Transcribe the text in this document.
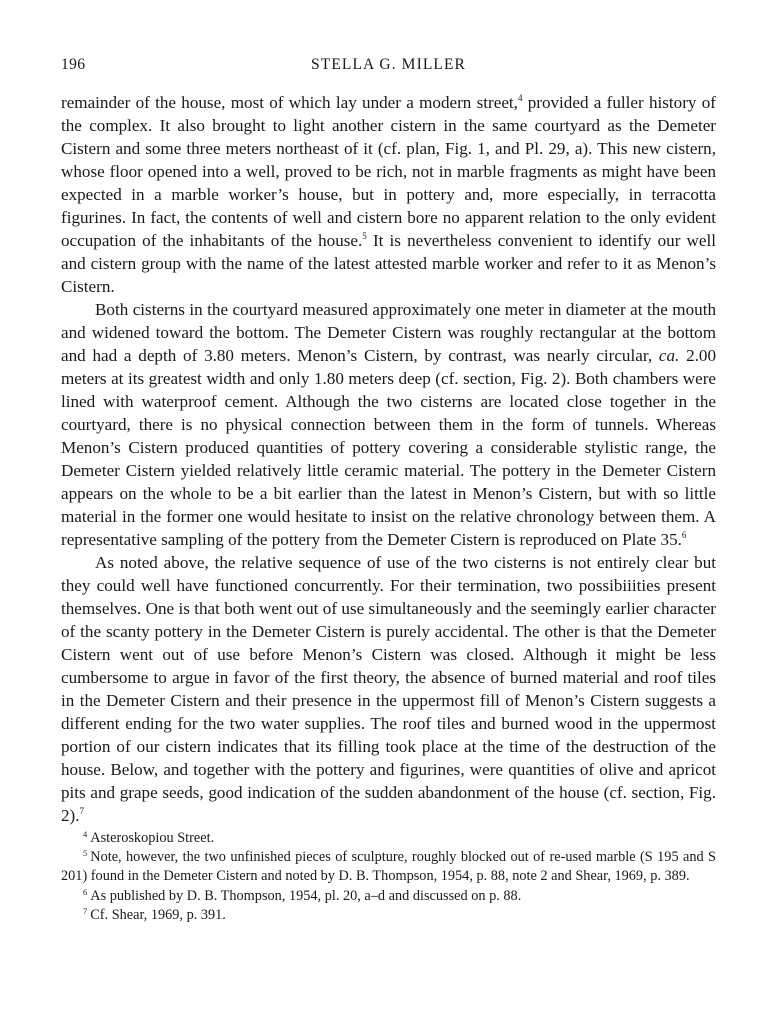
196	STELLA G. MILLER

remainder of the house, most of which lay under a modern street,$^4$ provided a fuller history of the complex. It also brought to light another cistern in the same courtyard as the Demeter Cistern and some three meters northeast of it (cf. plan, Fig. 1, and Pl. 29, a). This new cistern, whose floor opened into a well, proved to be rich, not in marble fragments as might have been expected in a marble worker’s house, but in pottery and, more especially, in terracotta figurines. In fact, the contents of well and cistern bore no apparent relation to the only evident occupation of the inhabitants of the house.$^5$ It is nevertheless convenient to identify our well and cistern group with the name of the latest attested marble worker and refer to it as Menon’s Cistern.

Both cisterns in the courtyard measured approximately one meter in diameter at the mouth and widened toward the bottom. The Demeter Cistern was roughly rectangular at the bottom and had a depth of 3.80 meters. Menon’s Cistern, by contrast, was nearly circular, ca. 2.00 meters at its greatest width and only 1.80 meters deep (cf. section, Fig. 2). Both chambers were lined with waterproof cement. Although the two cisterns are located close together in the courtyard, there is no physical connection between them in the form of tunnels. Whereas Menon’s Cistern produced quantities of pottery covering a considerable stylistic range, the Demeter Cistern yielded relatively little ceramic material. The pottery in the Demeter Cistern appears on the whole to be a bit earlier than the latest in Menon’s Cistern, but with so little material in the former one would hesitate to insist on the relative chronology between them. A representative sampling of the pottery from the Demeter Cistern is reproduced on Plate 35.$^6$

As noted above, the relative sequence of use of the two cisterns is not entirely clear but they could well have functioned concurrently. For their termination, two possibiiities present themselves. One is that both went out of use simultaneously and the seemingly earlier character of the scanty pottery in the Demeter Cistern is purely accidental. The other is that the Demeter Cistern went out of use before Menon’s Cistern was closed. Although it might be less cumbersome to argue in favor of the first theory, the absence of burned material and roof tiles in the Demeter Cistern and their presence in the uppermost fill of Menon’s Cistern suggests a different ending for the two water supplies. The roof tiles and burned wood in the uppermost portion of our cistern indicates that its filling took place at the time of the destruction of the house. Below, and together with the pottery and figurines, were quantities of olive and apricot pits and grape seeds, good indication of the sudden abandonment of the house (cf. section, Fig. 2).$^7$

$^4$ Asteroskopiou Street.
$^5$ Note, however, the two unfinished pieces of sculpture, roughly blocked out of re-used marble (S 195 and S 201) found in the Demeter Cistern and noted by D. B. Thompson, 1954, p. 88, note 2 and Shear, 1969, p. 389.
$^6$ As published by D. B. Thompson, 1954, pl. 20, a–d and discussed on p. 88.
$^7$ Cf. Shear, 1969, p. 391.
